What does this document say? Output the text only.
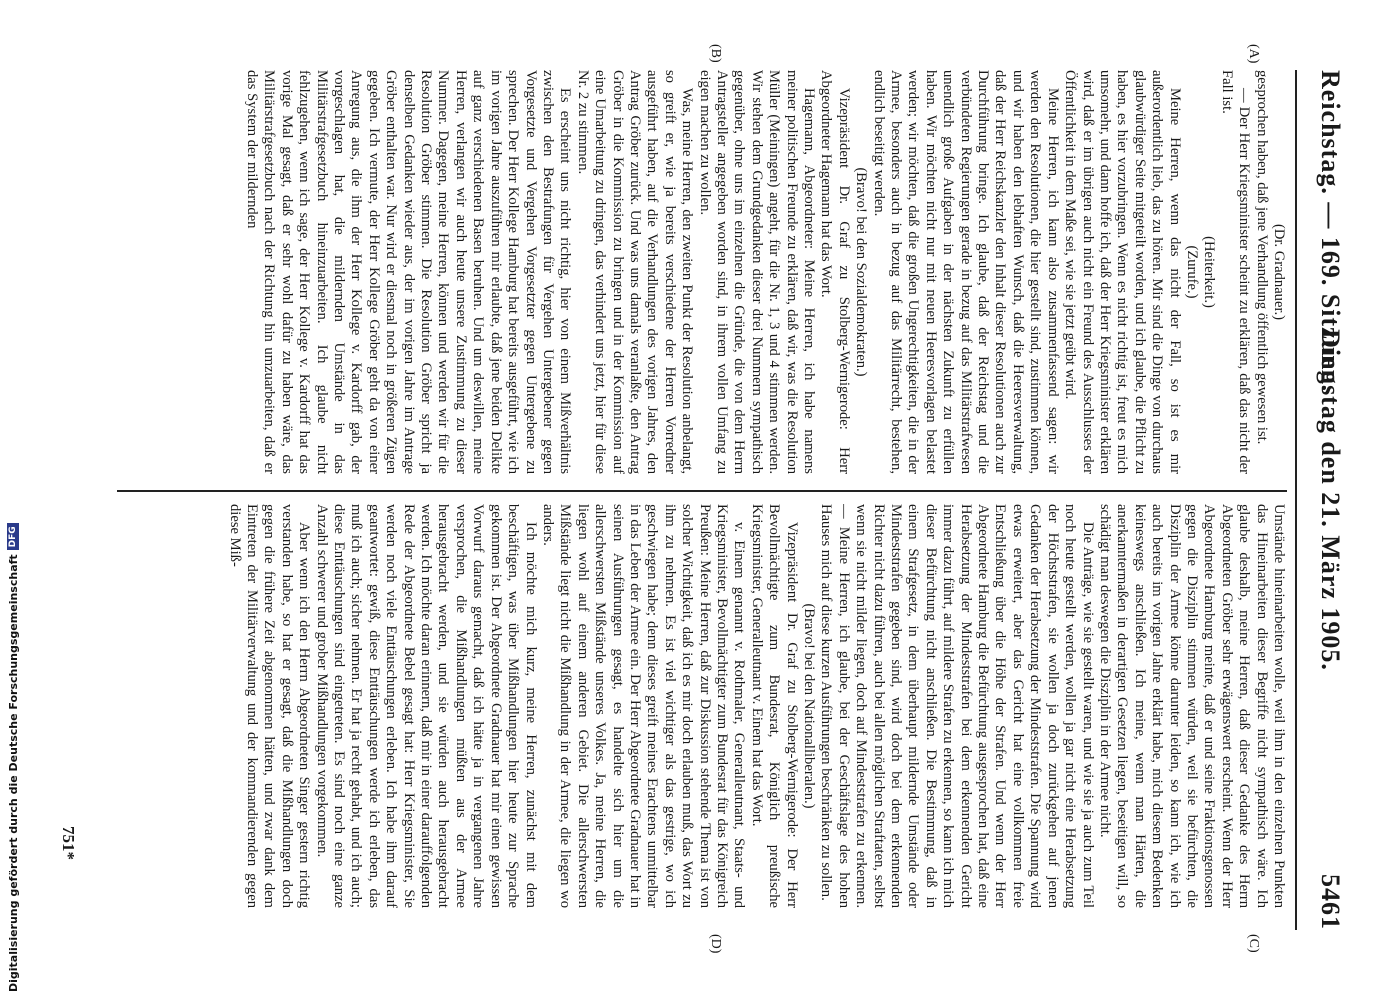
Reichstag. — 169. Sitzung.
Dienstag den 21. März 1905.
5461
(A)
(B)
(C)
(D)

(Dr. Gradnauer.)

gesprochen haben, daß jene Verhandlung öffentlich gewesen ist.

— Der Herr Kriegsminister scheint zu erklären, daß das nicht der Fall ist.

(Heiterkeit.)

(Zurufe.)

Meine Herren, wenn das nicht der Fall, so ist es mir außerordentlich lieb, das zu hören. Mir sind die Dinge von durchaus glaubwürdiger Seite mitgeteilt worden, und ich glaube, die Pflicht zu haben, es hier vorzubringen. Wenn es nicht richtig ist, freut es mich umsomehr, und dann hoffe ich, daß der Herr Kriegsminister erklären wird, daß er im übrigen auch nicht ein Freund des Ausschlusses der Öffentlichkeit in dem Maße sei, wie sie jetzt geübt wird.

Meine Herren, ich kann also zusammenfassend sagen: wir werden den Resolutionen, die hier gestellt sind, zustimmen können, und wir haben den lebhaften Wunsch, daß die Heeresverwaltung, daß der Herr Reichskanzler den Inhalt dieser Resolutionen auch zur Durchführung bringe. Ich glaube, daß der Reichstag und die verbündeten Regierungen gerade in bezug auf das Militärstrafwesen unendlich große Aufgaben in der nächsten Zukunft zu erfüllen haben. Wir möchten nicht nur mit neuen Heeresvorlagen belastet werden; wir möchten, daß die großen Ungerechtigkeiten, die in der Armee, besonders auch in bezug auf das Militärrecht, bestehen, endlich beseitigt werden.

(Bravo! bei den Sozialdemokraten.)

Vizepräsident Dr. Graf zu Stolberg-Wernigerode: Herr Abgeordneter Hagemann hat das Wort.

Hagemann, Abgeordneter: Meine Herren, ich habe namens meiner politischen Freunde zu erklären, daß wir, was die Resolution Müller (Meiningen) angeht, für die Nr. 1, 3 und 4 stimmen werden. Wir stehen dem Grundgedanken dieser drei Nummern sympathisch gegenüber, ohne uns im einzelnen die Gründe, die von dem Herrn Antragsteller angegeben worden sind, in ihrem vollen Umfang zu eigen machen zu wollen.

Was, meine Herren, den zweiten Punkt der Resolution anbelangt, so greift er, wie ja bereits verschiedene der Herren Vorredner ausgeführt haben, auf die Verhandlungen des vorigen Jahres, den Antrag Gröber zurück. Und was uns damals veranlaßte, den Antrag Gröber in die Kommission zu bringen und in der Kommission auf eine Umarbeitung zu dringen, das verhindert uns jetzt, hier für diese Nr. 2 zu stimmen.

Es erscheint uns nicht richtig, hier von einem Mißverhältnis zwischen den Bestrafungen für Vergehen Untergebener gegen Vorgesetzte und Vergehen Vorgesetzter gegen Untergebene zu sprechen. Der Herr Kollege Hamburg hat bereits ausgeführt, wie ich im vorigen Jahre auszuführen mir erlaubte, daß jene beiden Delikte auf ganz verschiedenen Basen beruhen. Und um deswillen, meine Herren, verlangen wir auch heute unsere Zustimmung zu dieser Nummer. Dagegen, meine Herren, können und werden wir für die Resolution Gröber stimmen. Die Resolution Gröber spricht ja denselben Gedanken wieder aus, der im vorigen Jahre im Antrage Gröber enthalten war. Nur wird er diesmal noch in größeren Zügen gegeben. Ich vermute, der Herr Kollege Gröber geht da von einer Anregung aus, die ihm der Herr Kollege v. Kardorff gab, der vorgeschlagen hat, die mildernden Umstände in das Militärstrafgesetzbuch hineinzuarbeiten. Ich glaube nicht fehlzugehen, wenn ich sage, der Herr Kollege v. Kardorff hat das vorige Mal gesagt, daß er sehr wohl dafür zu haben wäre, das Militärstrafgesetzbuch nach der Richtung hin umzuarbeiten, daß er das System der mildernden

Umstände hineinarbeiten wolle, weil ihm in den einzelnen Punkten das Hineinarbeiten dieser Begriffe nicht sympathisch wäre. Ich glaube deshalb, meine Herren, daß dieser Gedanke des Herrn Abgeordneten Gröber sehr erwägenswert erscheint. Wenn der Herr Abgeordnete Hamburg meinte, daß er und seine Fraktionsgenossen gegen die Disziplin stimmen würden, weil sie befürchten, die Disziplin der Armee könne darunter leiden, so kann ich, wie ich auch bereits im vorigen Jahre erklärt habe, mich diesem Bedenken keineswegs anschließen. Ich meine, wenn man Härten, die anerkanntermaßen in derartigen Gesetzen liegen, beseitigen will, so schädigt man deswegen die Disziplin in der Armee nicht.

Die Anträge, wie sie gestellt waren, und wie sie ja auch zum Teil noch heute gestellt werden, wollen ja gar nicht eine Herabsetzung der Höchststrafen, sie wollen ja doch zurückgehen auf jenen Gedanken der Herabsetzung der Mindeststrafen. Die Spannung wird etwas erweitert, aber das Gericht hat eine vollkommen freie Entschließung über die Höhe der Strafen. Und wenn der Herr Abgeordnete Hamburg die Befürchtung ausgesprochen hat, daß eine Herabsetzung der Mindeststrafen bei dem erkennenden Gericht immer dazu führt, auf mildere Strafen zu erkennen, so kann ich mich dieser Befürchtung nicht anschließen. Die Bestimmung, daß in einem Strafgesetz, in dem überhaupt mildernde Umstände oder Mindeststrafen gegeben sind, wird doch bei dem erkennenden Richter nicht dazu führen, auch bei allen möglichen Straftaten, selbst wenn sie nicht milder liegen, doch auf Mindeststrafen zu erkennen. — Meine Herren, ich glaube, bei der Geschäftslage des hohen Hauses mich auf diese kurzen Ausführungen beschränken zu sollen.

(Bravo! bei den Nationalliberalen.)

Vizepräsident Dr. Graf zu Stolberg-Wernigerode: Der Herr Bevollmächtigte zum Bundesrat, Königlich preußische Kriegsminister, Generalleutnant v. Einem hat das Wort.

v. Einem genannt v. Rothmaler, Generalleutnant, Staats- und Kriegsminister, Bevollmächtigter zum Bundesrat für das Königreich Preußen: Meine Herren, daß zur Diskussion stehende Thema ist von solcher Wichtigkeit, daß ich es mir doch erlauben muß, das Wort zu ihm zu nehmen. Es ist viel wichtiger als das gestrige, wo ich geschwiegen habe; denn dieses greift meines Erachtens unmittelbar in das Leben der Armee ein. Der Herr Abgeordnete Gradnauer hat in seinen Ausführungen gesagt, es handelte sich hier um die allerschwersten Mißstände unseres Volkes. Ja, meine Herren, die liegen wohl auf einem anderen Gebiet. Die allerschwersten Mißstände liegt nicht die Mißhandlung in der Armee, die liegen wo anders.

Ich möchte mich kurz, meine Herren, zunächst mit dem beschäftigen, was über Mißhandlungen hier heute zur Sprache gekommen ist. Der Abgeordnete Gradnauer hat mir einen gewissen Vorwurf daraus gemacht, daß ich hätte ja in vergangenen Jahre versprochen, die Mißhandlungen müßten aus der Armee herausgebracht werden, und sie würden auch herausgebracht werden. Ich möchte daran erinnern, daß mir in einer darauffolgenden Rede der Abgeordnete Bebel gesagt hat: Herr Kriegsminister, Sie werden noch viele Enttäuschungen erleben. Ich habe ihm darauf geantwortet: gewiß, diese Enttäuschungen werde ich erleben, das muß ich auch; sicher nehmen. Er hat ja recht gehabt, und ich auch; diese Enttäuschungen sind eingetreten. Es sind noch eine ganze Anzahl schwerer und grober Mißhandlungen vorgekommen.

Aber wenn ich den Herrn Abgeordneten Singer gestern richtig verstanden habe, so hat er gesagt, daß die Mißhandlungen doch gegen die frühere Zeit abgenommen hätten, und zwar dank dem Eintreten der Militärverwaltung und der kommandierenden gegen diese Miß-

751*
Digitalisierung gefördert durch die Deutsche Forschungsgemeinschaft
DFG
